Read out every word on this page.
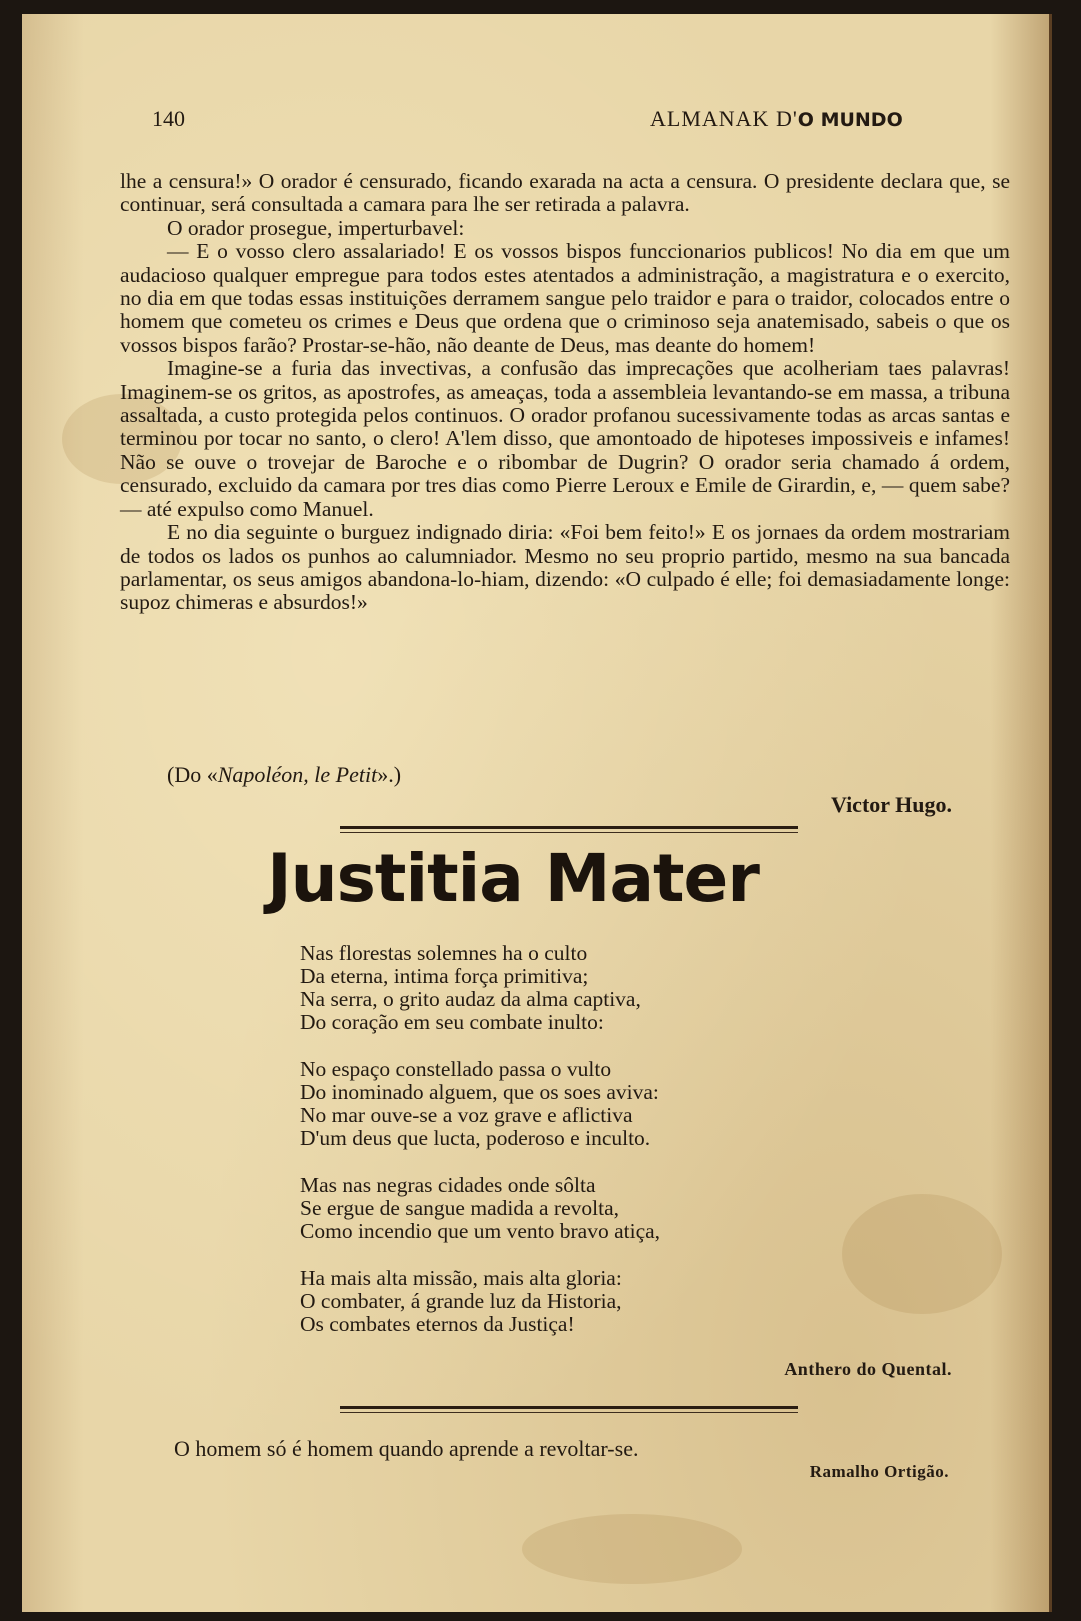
140	ALMANAK D'O MUNDO

lhe a censura!» O orador é censurado, ficando exarada na acta a censura. O presidente declara que, se continuar, será consultada a camara para lhe ser retirada a palavra.

O orador prosegue, imperturbavel:

— E o vosso clero assalariado! E os vossos bispos funccionarios publicos! No dia em que um audacioso qualquer empregue para todos estes atentados a administração, a magistratura e o exercito, no dia em que todas essas instituições derramem sangue pelo traidor e para o traidor, colocados entre o homem que cometeu os crimes e Deus que ordena que o criminoso seja anatemisado, sabeis o que os vossos bispos farão? Prostar-se-hão, não deante de Deus, mas deante do homem!

Imagine-se a furia das invectivas, a confusão das imprecações que acolheriam taes palavras! Imaginem-se os gritos, as apostrofes, as ameaças, toda a assembleia levantando-se em massa, a tribuna assaltada, a custo protegida pelos continuos. O orador profanou sucessivamente todas as arcas santas e terminou por tocar no santo, o clero! A'lem disso, que amontoado de hipoteses impossiveis e infames! Não se ouve o trovejar de Baroche e o ribombar de Dugrin? O orador seria chamado á ordem, censurado, excluido da camara por tres dias como Pierre Leroux e Emile de Girardin, e, — quem sabe? — até expulso como Manuel.

E no dia seguinte o burguez indignado diria: «Foi bem feito!» E os jornaes da ordem mostrariam de todos os lados os punhos ao calumniador. Mesmo no seu proprio partido, mesmo na sua bancada parlamentar, os seus amigos abandona-lo-hiam, dizendo: «O culpado é elle; foi demasiadamente longe: supoz chimeras e absurdos!»

(Do «Napoléon, le Petit».)
Victor Hugo.
Justitia Mater
Nas florestas solemnes ha o culto
Da eterna, intima força primitiva;
Na serra, o grito audaz da alma captiva,
Do coração em seu combate inulto:
No espaço constellado passa o vulto
Do inominado alguem, que os soes aviva:
No mar ouve-se a voz grave e aflictiva
D'um deus que lucta, poderoso e inculto.
Mas nas negras cidades onde sôlta
Se ergue de sangue madida a revolta,
Como incendio que um vento bravo atiça,
Ha mais alta missão, mais alta gloria:
O combater, á grande luz da Historia,
Os combates eternos da Justiça!
Anthero do Quental.
O homem só é homem quando aprende a revoltar-se.
Ramalho Ortigão.
